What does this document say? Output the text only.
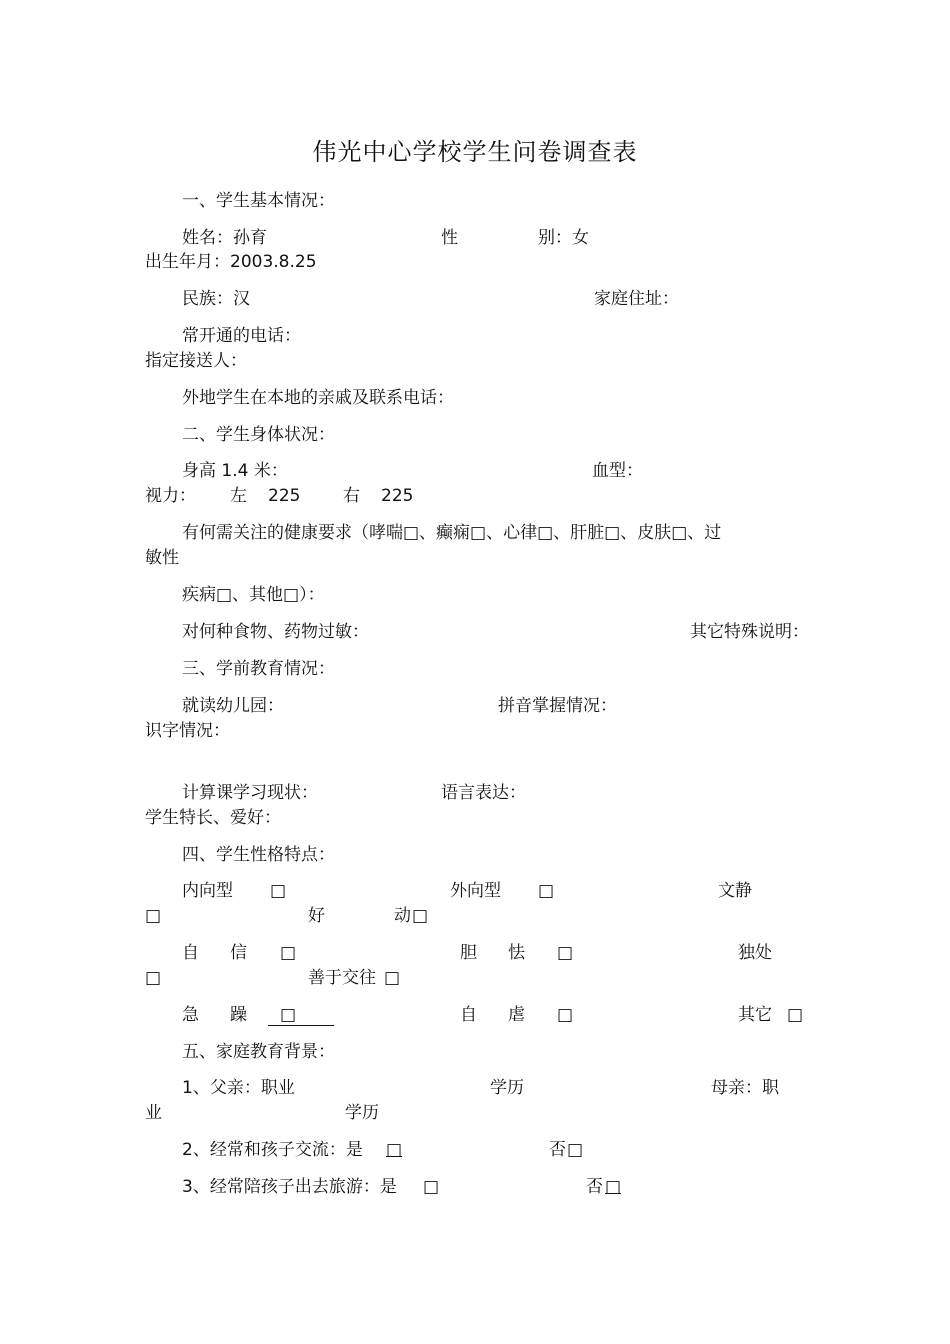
伟光中心学校学生问卷调查表
一、学生基本情况：
姓名：孙育	性	别：女
出生年月：2003.8.25
民族：汉	家庭住址：
常开通的电话：
指定接送人：
外地学生在本地的亲戚及联系电话：
二、学生身体状况：
身高 1.4 米：	血型：
视力： 左 225	右 225
有何需关注的健康要求（哮喘□、癫痫□、心律□、肝脏□、皮肤□、过
敏性
疾病□、其他□）：
对何种食物、药物过敏：	其它特殊说明：
三、学前教育情况：
就读幼儿园：	拼音掌握情况：
识字情况：
计算课学习现状：	语言表达：
学生特长、爱好：
四、学生性格特点：
内向型 □	外向型 □	文静
□	好	动 □
自 信 □	胆 怯 □	独处
□	善于交往 □
急 躁	□	自 虐 □	其它 □
五、家庭教育背景：
1、父亲：职业	学历	母亲：职
业	学历
2、经常和孩子交流：是 □	否 □
3、经常陪孩子出去旅游：是 □	否 □
